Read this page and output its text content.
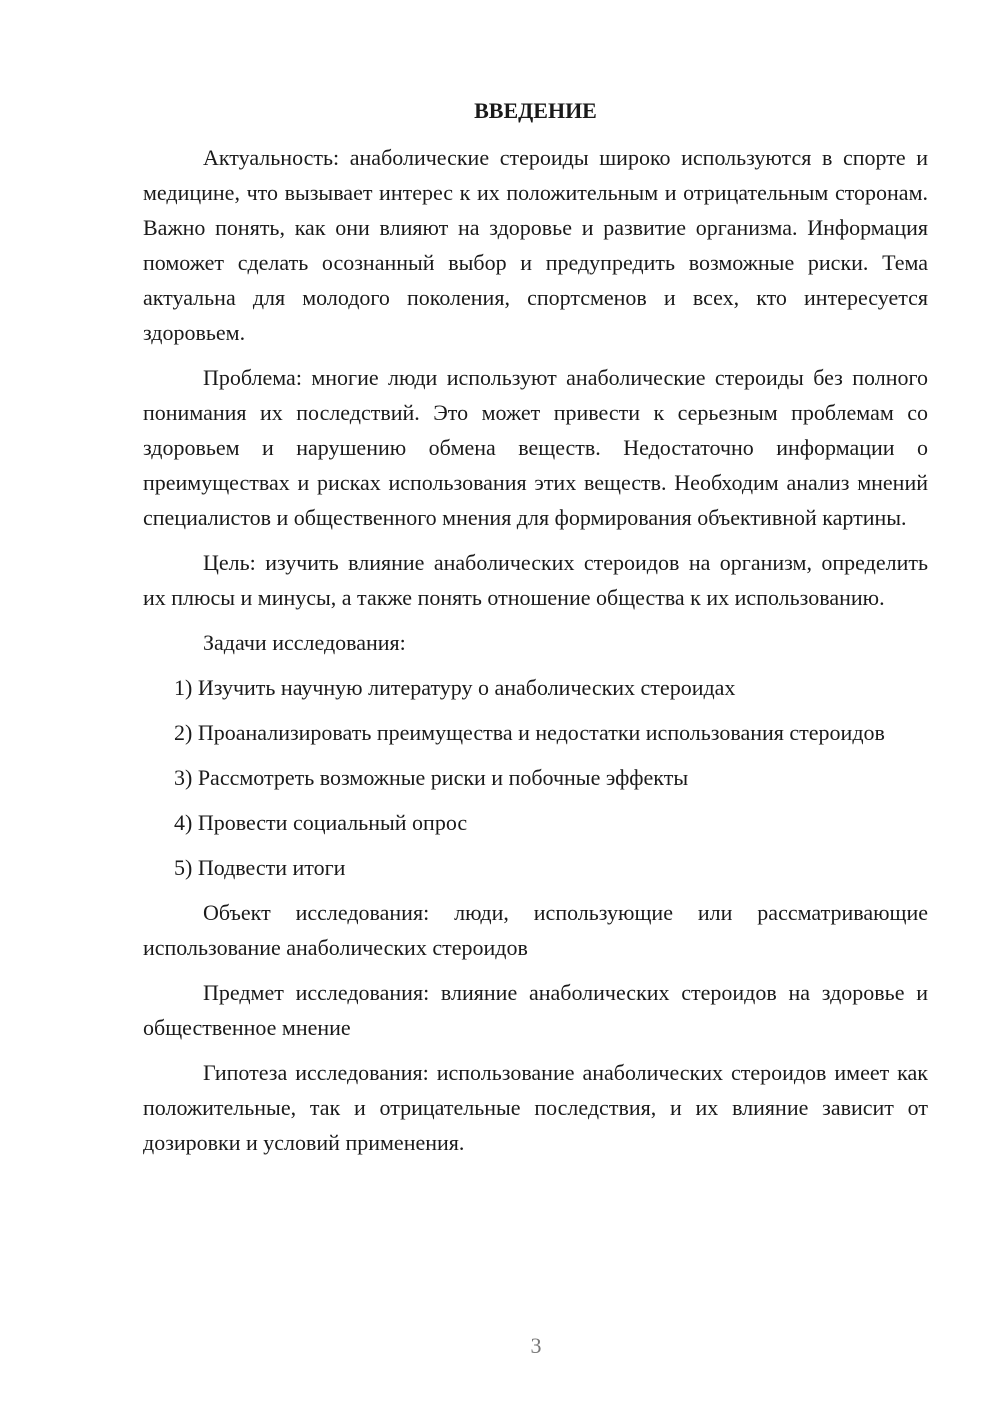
ВВЕДЕНИЕ

Актуальность: анаболические стероиды широко используются в спорте и медицине, что вызывает интерес к их положительным и отрицательным сторонам. Важно понять, как они влияют на здоровье и развитие организма. Информация поможет сделать осознанный выбор и предупредить возможные риски. Тема актуальна для молодого поколения, спортсменов и всех, кто интересуется здоровьем.

Проблема: многие люди используют анаболические стероиды без полного понимания их последствий. Это может привести к серьезным проблемам со здоровьем и нарушению обмена веществ. Недостаточно информации о преимуществах и рисках использования этих веществ. Необходим анализ мнений специалистов и общественного мнения для формирования объективной картины.

Цель: изучить влияние анаболических стероидов на организм, определить их плюсы и минусы, а также понять отношение общества к их использованию.

Задачи исследования:

1) Изучить научную литературу о анаболических стероидах

2) Проанализировать преимущества и недостатки использования стероидов

3) Рассмотреть возможные риски и побочные эффекты

4) Провести социальный опрос

5) Подвести итоги

Объект исследования: люди, использующие или рассматривающие использование анаболических стероидов

Предмет исследования: влияние анаболических стероидов на здоровье и общественное мнение

Гипотеза исследования: использование анаболических стероидов имеет как положительные, так и отрицательные последствия, и их влияние зависит от дозировки и условий применения.

3
